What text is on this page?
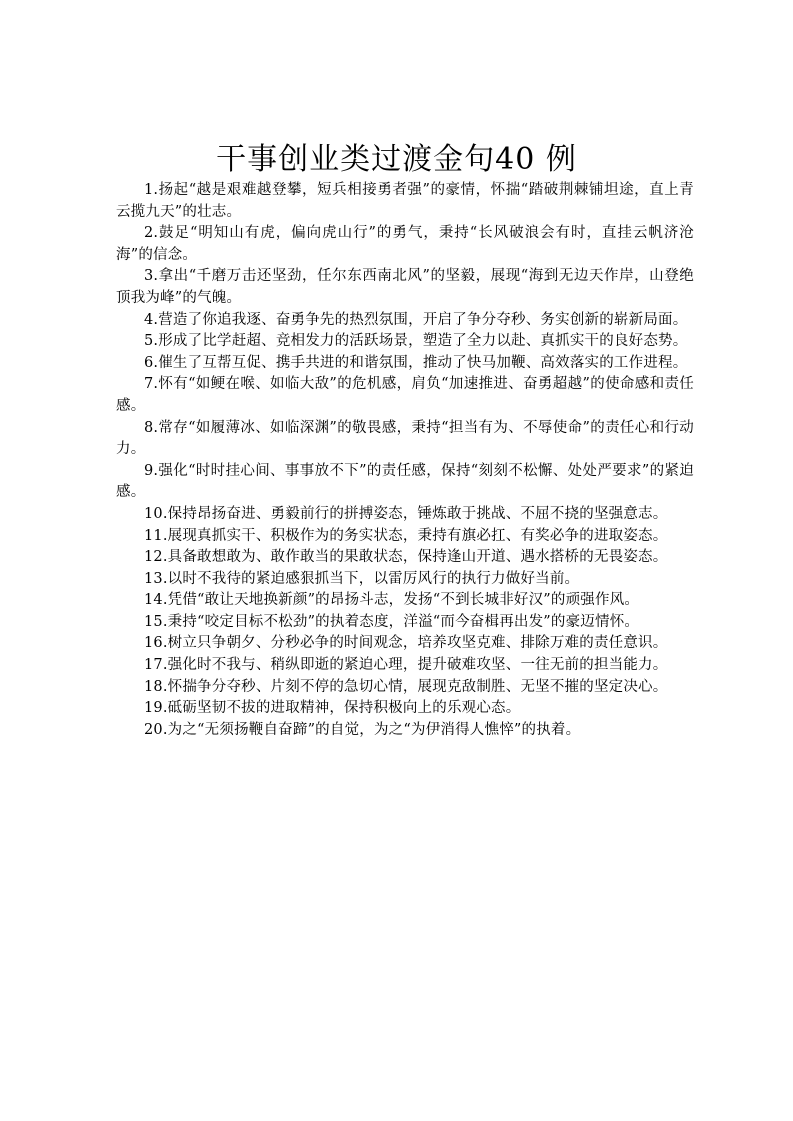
干事创业类过渡金句40 例

1.扬起“越是艰难越登攀，短兵相接勇者强”的豪情，怀揣“踏破荆棘铺坦途，直上青云揽九天”的壮志。

2.鼓足“明知山有虎，偏向虎山行”的勇气，秉持“长风破浪会有时，直挂云帆济沧海”的信念。

3.拿出“千磨万击还坚劲，任尔东西南北风”的坚毅，展现“海到无边天作岸，山登绝顶我为峰”的气魄。

4.营造了你追我逐、奋勇争先的热烈氛围，开启了争分夺秒、务实创新的崭新局面。

5.形成了比学赶超、竞相发力的活跃场景，塑造了全力以赴、真抓实干的良好态势。

6.催生了互帮互促、携手共进的和谐氛围，推动了快马加鞭、高效落实的工作进程。

7.怀有“如鲠在喉、如临大敌”的危机感，肩负“加速推进、奋勇超越”的使命感和责任感。

8.常存“如履薄冰、如临深渊”的敬畏感，秉持“担当有为、不辱使命”的责任心和行动力。

9.强化“时时挂心间、事事放不下”的责任感，保持“刻刻不松懈、处处严要求”的紧迫感。

10.保持昂扬奋进、勇毅前行的拼搏姿态，锤炼敢于挑战、不屈不挠的坚强意志。

11.展现真抓实干、积极作为的务实状态，秉持有旗必扛、有奖必争的进取姿态。

12.具备敢想敢为、敢作敢当的果敢状态，保持逢山开道、遇水搭桥的无畏姿态。

13.以时不我待的紧迫感狠抓当下，以雷厉风行的执行力做好当前。

14.凭借“敢让天地换新颜”的昂扬斗志，发扬“不到长城非好汉”的顽强作风。

15.秉持“咬定目标不松劲”的执着态度，洋溢“而今奋楫再出发”的豪迈情怀。

16.树立只争朝夕、分秒必争的时间观念，培养攻坚克难、排除万难的责任意识。

17.强化时不我与、稍纵即逝的紧迫心理，提升破难攻坚、一往无前的担当能力。

18.怀揣争分夺秒、片刻不停的急切心情，展现克敌制胜、无坚不摧的坚定决心。

19.砥砺坚韧不拔的进取精神，保持积极向上的乐观心态。

20.为之“无须扬鞭自奋蹄”的自觉，为之“为伊消得人憔悴”的执着。
